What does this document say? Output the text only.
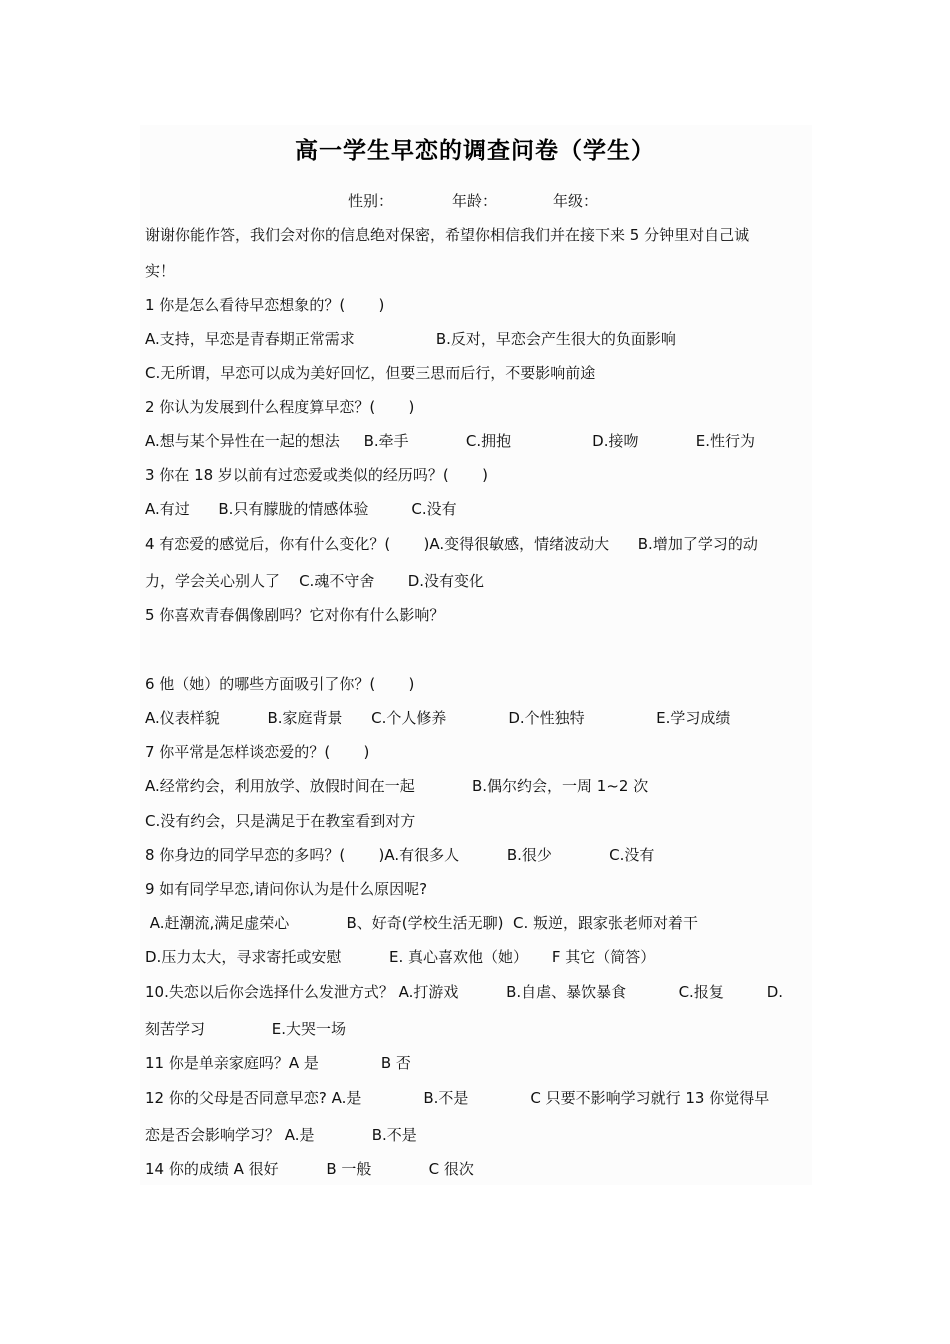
高一学生早恋的调查问卷（学生）
性别：	年龄：	年级：
谢谢你能作答，我们会对你的信息绝对保密，希望你相信我们并在接下来 5 分钟里对自己诚
实！
1 你是怎么看待早恋想象的？(       )
A.支持，早恋是青春期正常需求                 B.反对，早恋会产生很大的负面影响
C.无所谓，早恋可以成为美好回忆，但要三思而后行，不要影响前途
2 你认为发展到什么程度算早恋？(       )
A.想与某个异性在一起的想法     B.牵手            C.拥抱                 D.接吻            E.性行为
3 你在 18 岁以前有过恋爱或类似的经历吗？(       )
A.有过      B.只有朦胧的情感体验         C.没有
4 有恋爱的感觉后，你有什么变化？(       )A.变得很敏感，情绪波动大      B.增加了学习的动
力，学会关心别人了    C.魂不守舍       D.没有变化
5 你喜欢青春偶像剧吗？它对你有什么影响？
6 他（她）的哪些方面吸引了你？(       )
A.仪表样貌          B.家庭背景      C.个人修养             D.个性独特               E.学习成绩
7 你平常是怎样谈恋爱的？(       )
A.经常约会，利用放学、放假时间在一起            B.偶尔约会，一周 1~2 次
C.没有约会，只是满足于在教室看到对方
8 你身边的同学早恋的多吗？(       )A.有很多人          B.很少            C.没有
9 如有同学早恋,请问你认为是什么原因呢?
A.赶潮流,满足虚荣心            B、好奇(学校生活无聊)  C. 叛逆，跟家张老师对着干
D.压力太大，寻求寄托或安慰          E. 真心喜欢他（她）     F 其它（简答）
10.失恋以后你会选择什么发泄方式？ A.打游戏          B.自虐、暴饮暴食           C.报复         D.
刻苦学习              E.大哭一场
11 你是单亲家庭吗？A 是             B 否
12 你的父母是否同意早恋? A.是             B.不是             C 只要不影响学习就行 13 你觉得早
恋是否会影响学习？ A.是            B.不是
14 你的成绩 A 很好          B 一般            C 很次
